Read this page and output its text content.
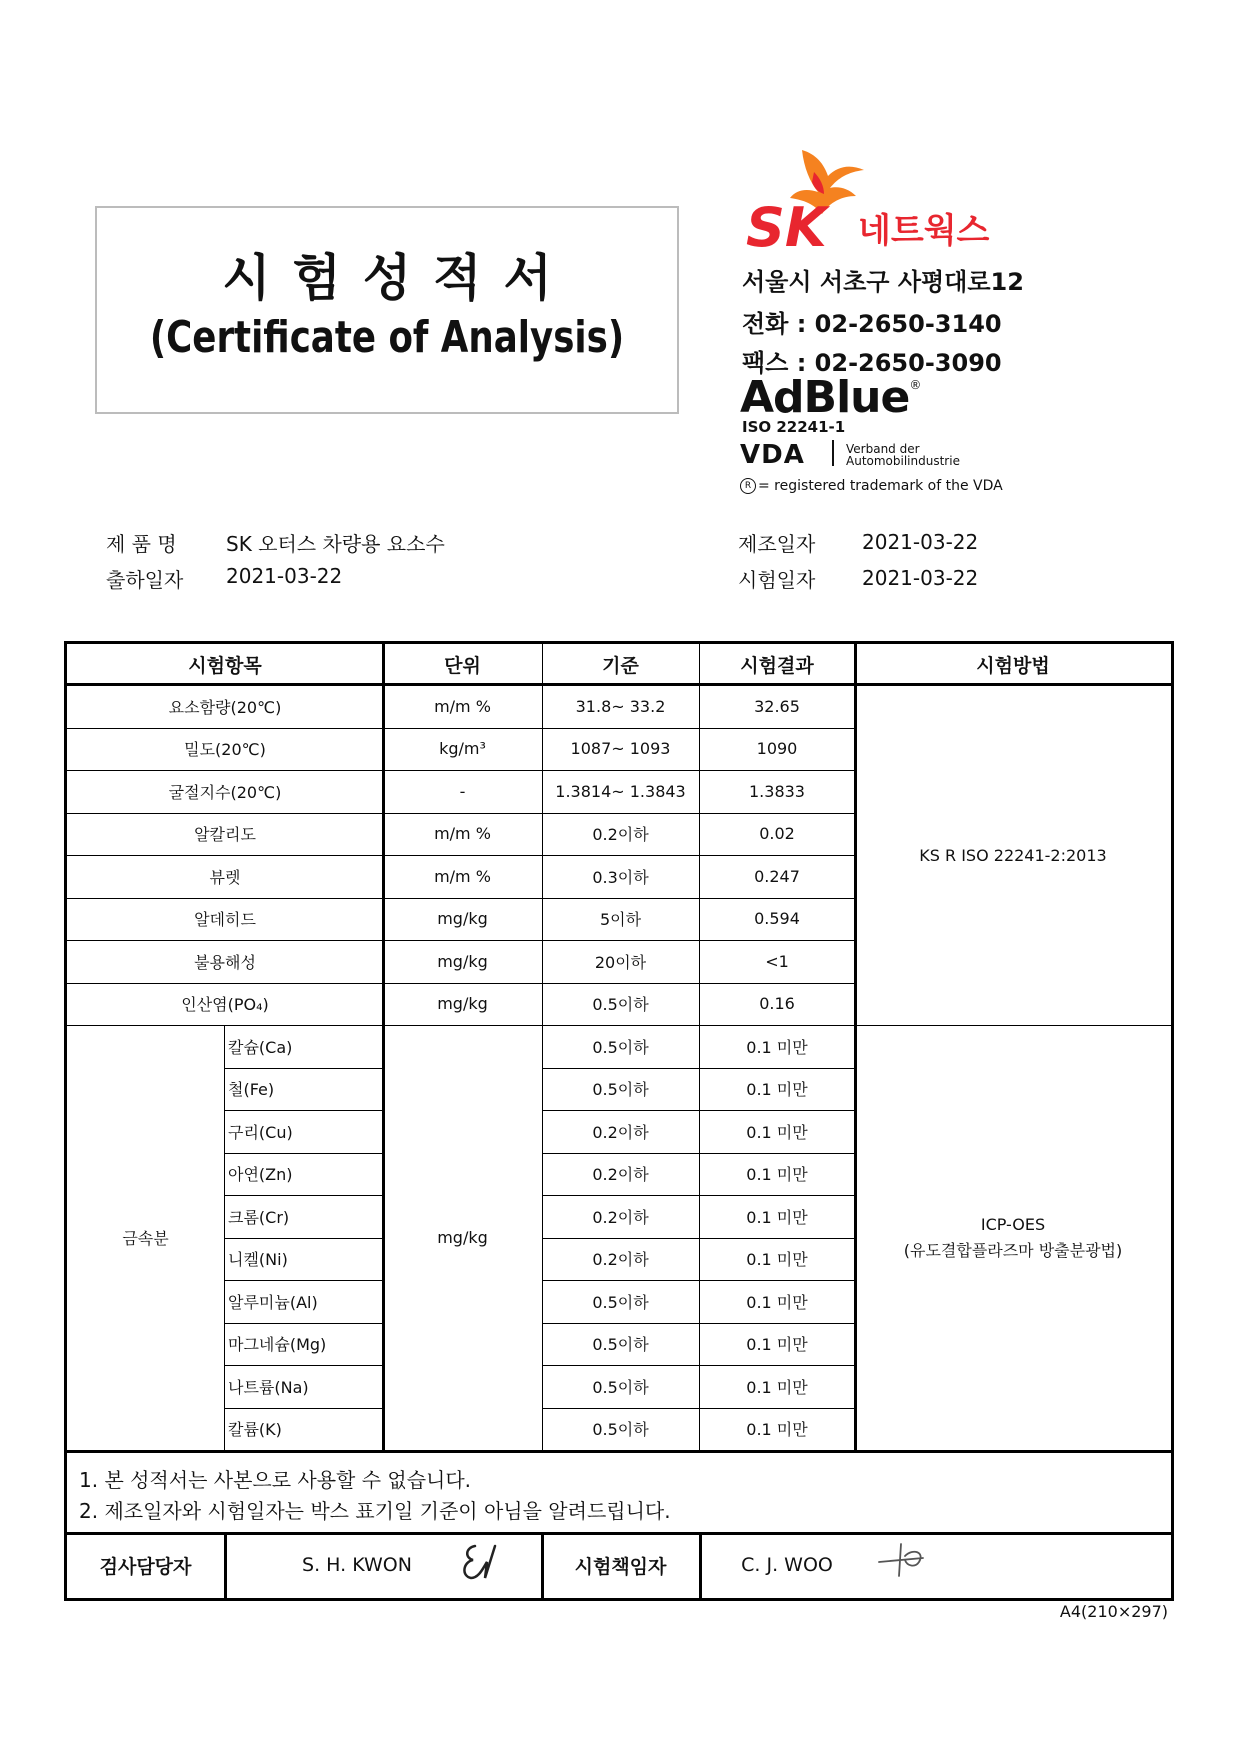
시험성적서
(Certificate of Analysis)
SK 네트웍스
서울시 서초구 사평대로12
전화 : 02-2650-3140
팩스 : 02-2650-3090
AdBlue®
ISO 22241-1
VDA	Verband der
Automobilindustrie
R = registered trademark of the VDA
제 품 명 SK 오터스 차량용 요소수
출하일자 2021-03-22
제조일자 2021-03-22
시험일자 2021-03-22
시험항목	단위	기준	시험결과	시험방법
요소함량(20℃)	m/m %	31.8~ 33.2	32.65
밀도(20℃)	kg/m³	1087~ 1093	1090
굴절지수(20℃)	-	1.3814~ 1.3843	1.3833
알칼리도	m/m %	0.2이하	0.02
뷰렛	m/m %	0.3이하	0.247
알데히드	mg/kg	5이하	0.594
불용해성	mg/kg	20이하	<1
인산염(PO₄)	mg/kg	0.5이하	0.16
KS R ISO 22241-2:2013
금속분	mg/kg
칼슘(Ca)	0.5이하	0.1 미만
철(Fe)	0.5이하	0.1 미만
구리(Cu)	0.2이하	0.1 미만
아연(Zn)	0.2이하	0.1 미만
크롬(Cr)	0.2이하	0.1 미만
니켈(Ni)	0.2이하	0.1 미만
알루미늄(Al)	0.5이하	0.1 미만
마그네슘(Mg)	0.5이하	0.1 미만
나트륨(Na)	0.5이하	0.1 미만
칼륨(K)	0.5이하	0.1 미만
ICP-OES
(유도결합플라즈마 방출분광법)
1. 본 성적서는 사본으로 사용할 수 없습니다.
2. 제조일자와 시험일자는 박스 표기일 기준이 아님을 알려드립니다.
검사담당자	S. H. KWON	시험책임자	C. J. WOO
A4(210×297)
